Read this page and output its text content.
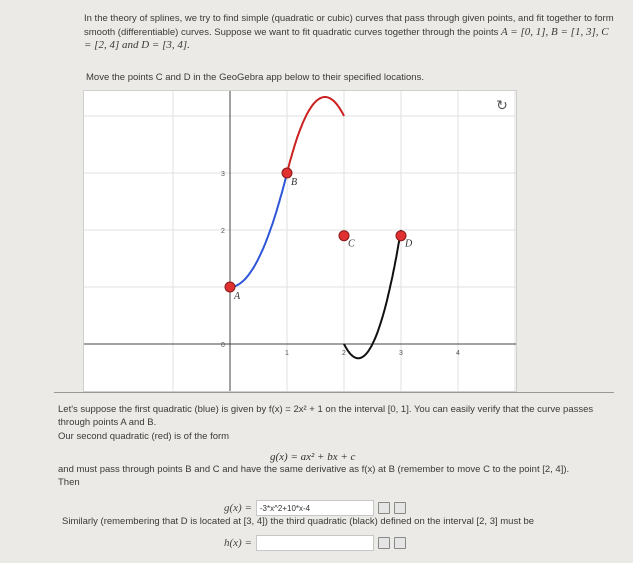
In the theory of splines, we try to find simple (quadratic or cubic) curves that pass through given points, and fit together to form smooth (differentiable) curves. Suppose we want to fit quadratic curves together through the points A = [0, 1], B = [1, 3], C = [2, 4] and D = [3, 4].
Move the points C and D in the GeoGebra app below to their specified locations.
↻
3
2
0
1	2	3	4
A
B
C	D
Let's suppose the first quadratic (blue) is given by f(x) = 2x² + 1 on the interval [0, 1]. You can easily verify that the curve passes through points A and B.
Our second quadratic (red) is of the form
g(x) = ax² + bx + c
and must pass through points B and C and have the same derivative as f(x) at B (remember to move C to the point [2, 4]). Then
g(x) =
-3*x^2+10*x-4
Similarly (remembering that D is located at [3, 4]) the third quadratic (black) defined on the interval [2, 3] must be
h(x) =
